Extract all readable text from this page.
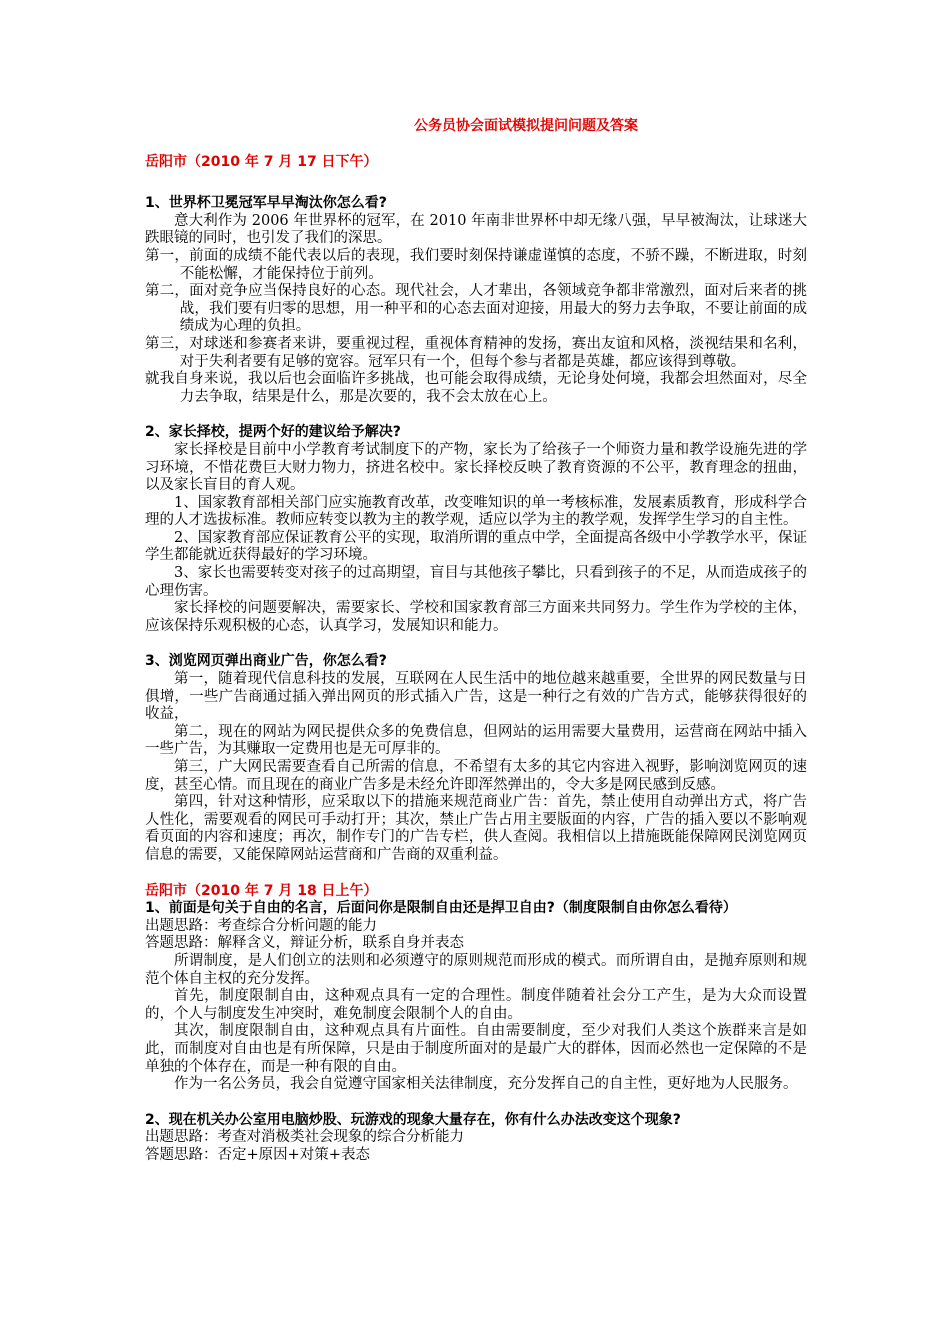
公务员协会面试模拟提问问题及答案
岳阳市（2010 年 7 月 17 日下午）
1、世界杯卫冕冠军早早淘汰你怎么看?

意大利作为 2006 年世界杯的冠军，在 2010 年南非世界杯中却无缘八强，早早被淘汰，让球迷大跌眼镜的同时，也引发了我们的深思。

第一，前面的成绩不能代表以后的表现，我们要时刻保持谦虚谨慎的态度，不骄不躁，不断进取，时刻不能松懈，才能保持位于前列。

第二，面对竞争应当保持良好的心态。现代社会，人才辈出，各领域竞争都非常激烈，面对后来者的挑战，我们要有归零的思想，用一种平和的心态去面对迎接，用最大的努力去争取，不要让前面的成绩成为心理的负担。

第三，对球迷和参赛者来讲，要重视过程，重视体育精神的发扬，赛出友谊和风格，淡视结果和名利，对于失利者要有足够的宽容。冠军只有一个，但每个参与者都是英雄，都应该得到尊敬。

就我自身来说，我以后也会面临许多挑战，也可能会取得成绩，无论身处何境，我都会坦然面对，尽全力去争取，结果是什么，那是次要的，我不会太放在心上。

2、家长择校，提两个好的建议给予解决?

家长择校是目前中小学教育考试制度下的产物，家长为了给孩子一个师资力量和教学设施先进的学习环境，不惜花费巨大财力物力，挤进名校中。家长择校反映了教育资源的不公平，教育理念的扭曲，以及家长盲目的育人观。

1、国家教育部相关部门应实施教育改革，改变唯知识的单一考核标准，发展素质教育，形成科学合理的人才选拔标准。教师应转变以教为主的教学观，适应以学为主的教学观，发挥学生学习的自主性。

2、国家教育部应保证教育公平的实现，取消所谓的重点中学，全面提高各级中小学教学水平，保证学生都能就近获得最好的学习环境。

3、家长也需要转变对孩子的过高期望，盲目与其他孩子攀比，只看到孩子的不足，从而造成孩子的心理伤害。

家长择校的问题要解决，需要家长、学校和国家教育部三方面来共同努力。学生作为学校的主体，应该保持乐观积极的心态，认真学习，发展知识和能力。

3、浏览网页弹出商业广告，你怎么看?

第一，随着现代信息科技的发展，互联网在人民生活中的地位越来越重要，全世界的网民数量与日俱增，一些广告商通过插入弹出网页的形式插入广告，这是一种行之有效的广告方式，能够获得很好的收益，

第二，现在的网站为网民提供众多的免费信息，但网站的运用需要大量费用，运营商在网站中插入一些广告，为其赚取一定费用也是无可厚非的。

第三，广大网民需要查看自己所需的信息，不希望有太多的其它内容进入视野，影响浏览网页的速度，甚至心情。而且现在的商业广告多是未经允许即浑然弹出的，令大多是网民感到反感。

第四，针对这种情形，应采取以下的措施来规范商业广告：首先，禁止使用自动弹出方式，将广告人性化，需要观看的网民可手动打开；其次，禁止广告占用主要版面的内容，广告的插入要以不影响观看页面的内容和速度；再次，制作专门的广告专栏，供人查阅。我相信以上措施既能保障网民浏览网页信息的需要，又能保障网站运营商和广告商的双重利益。

岳阳市（2010 年 7 月 18 日上午）
1、前面是句关于自由的名言，后面问你是限制自由还是捍卫自由?（制度限制自由你怎么看待）

出题思路：考查综合分析问题的能力

答题思路：解释含义，辩证分析，联系自身并表态

所谓制度，是人们创立的法则和必须遵守的原则规范而形成的模式。而所谓自由，是抛弃原则和规范个体自主权的充分发挥。

首先，制度限制自由，这种观点具有一定的合理性。制度伴随着社会分工产生，是为大众而设置的，个人与制度发生冲突时，难免制度会限制个人的自由。

其次，制度限制自由，这种观点具有片面性。自由需要制度，至少对我们人类这个族群来言是如此，而制度对自由也是有所保障，只是由于制度所面对的是最广大的群体，因而必然也一定保障的不是单独的个体存在，而是一种有限的自由。

作为一名公务员，我会自觉遵守国家相关法律制度，充分发挥自己的自主性，更好地为人民服务。

2、现在机关办公室用电脑炒股、玩游戏的现象大量存在，你有什么办法改变这个现象?

出题思路：考查对消极类社会现象的综合分析能力

答题思路：否定+原因+对策+表态
